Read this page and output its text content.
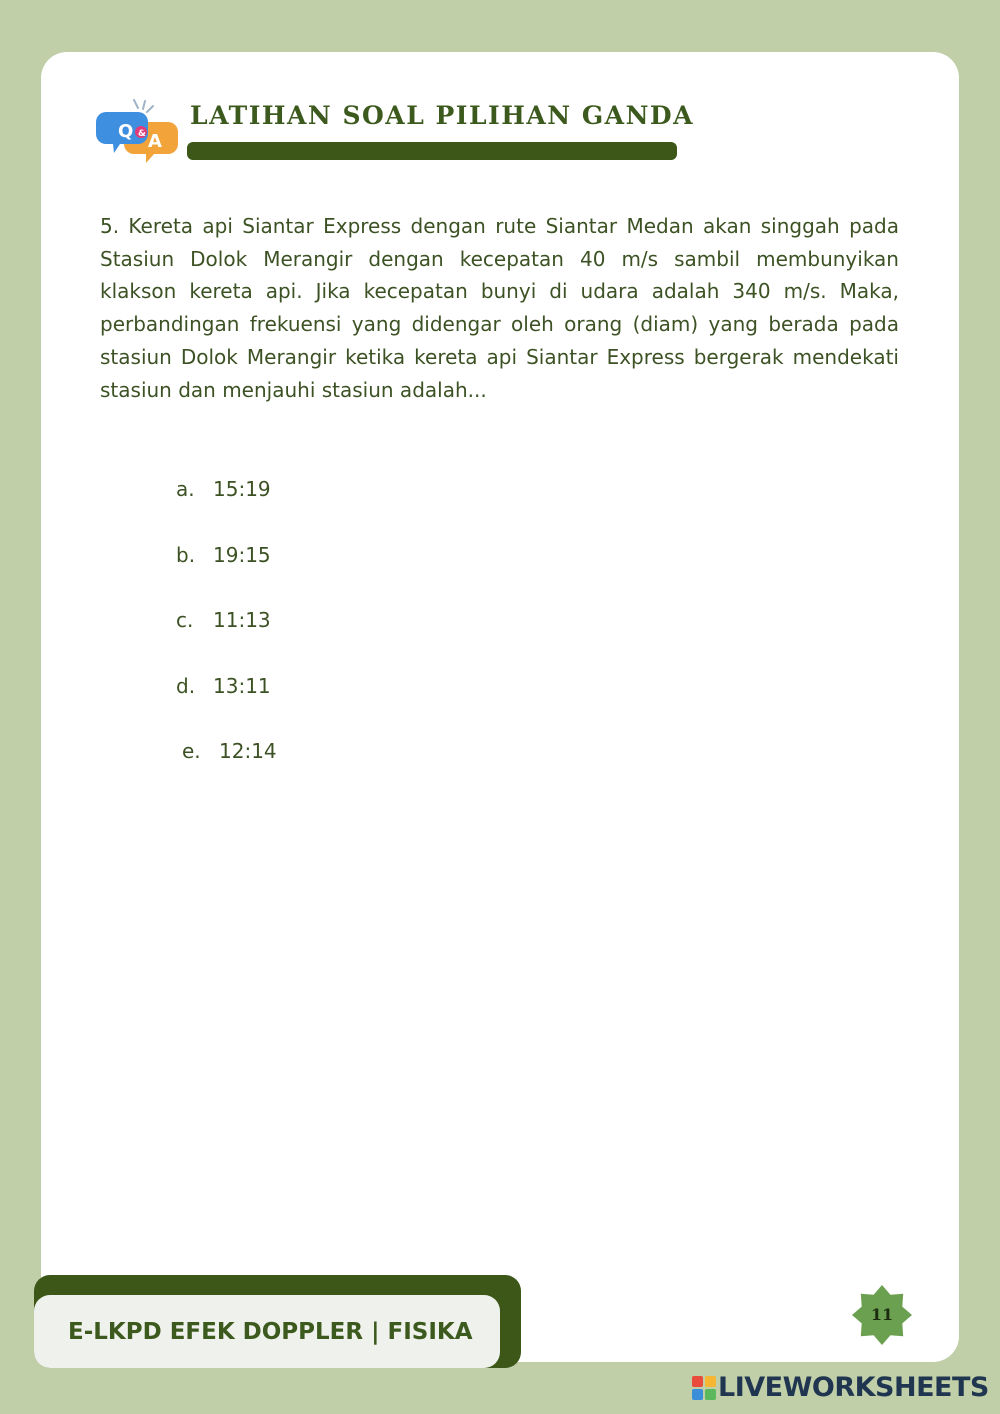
Q & A
LATIHAN SOAL PILIHAN GANDA

5. Kereta api Siantar Express dengan rute Siantar Medan akan singgah pada Stasiun Dolok Merangir dengan kecepatan 40 m/s sambil membunyikan klakson kereta api. Jika kecepatan bunyi di udara adalah 340 m/s. Maka, perbandingan frekuensi yang didengar oleh orang (diam) yang berada pada stasiun Dolok Merangir ketika kereta api Siantar Express bergerak mendekati stasiun dan menjauhi stasiun adalah...

a. 15:19
b. 19:15
c. 11:13
d. 13:11
e. 12:14
E-LKPD EFEK DOPPLER | FISIKA
11
LIVEWORKSHEETS
